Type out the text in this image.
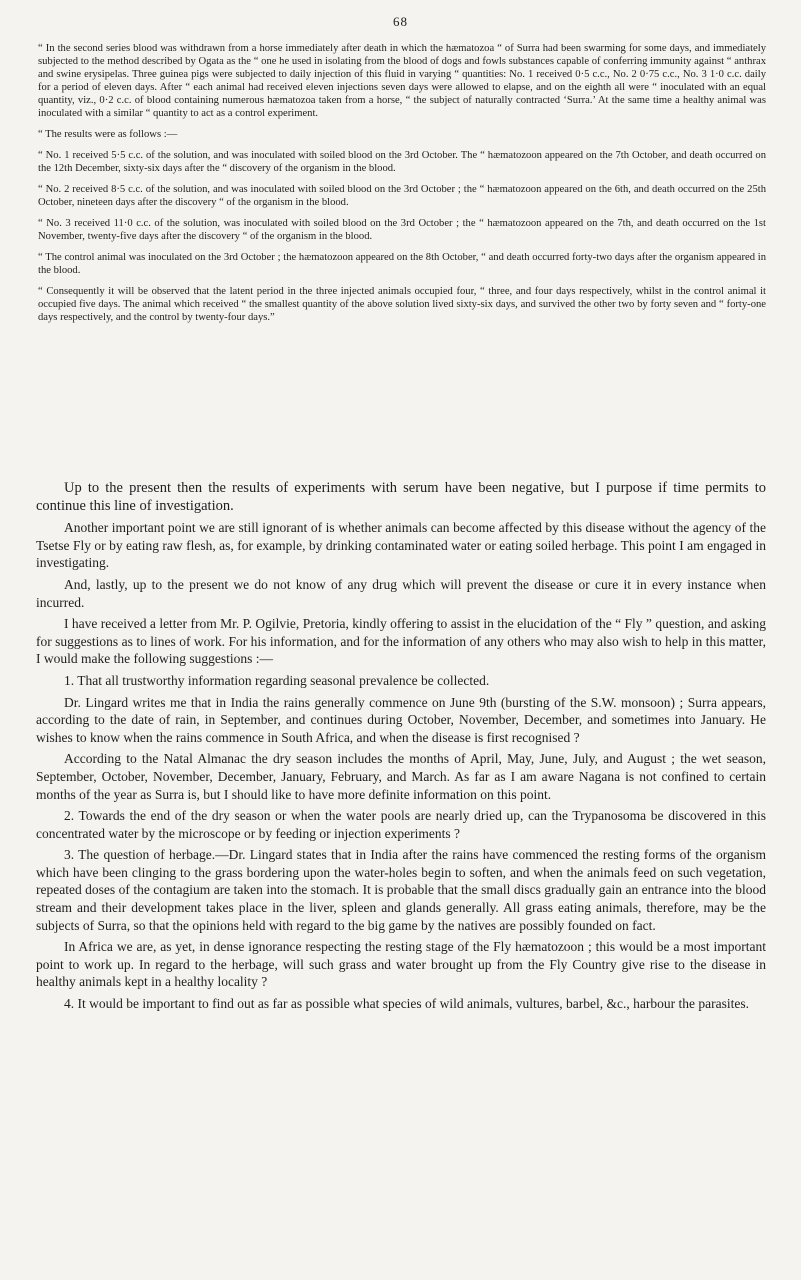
68

“ In the second series blood was withdrawn from a horse immediately after death in which the hæmatozoa “ of Surra had been swarming for some days, and immediately subjected to the method described by Ogata as the “ one he used in isolating from the blood of dogs and fowls substances capable of conferring immunity against “ anthrax and swine erysipelas. Three guinea pigs were subjected to daily injection of this fluid in varying “ quantities: No. 1 received 0·5 c.c., No. 2 0·75 c.c., No. 3 1·0 c.c. daily for a period of eleven days. After “ each animal had received eleven injections seven days were allowed to elapse, and on the eighth all were “ inoculated with an equal quantity, viz., 0·2 c.c. of blood containing numerous hæmatozoa taken from a horse, “ the subject of naturally contracted ‘Surra.’ At the same time a healthy animal was inoculated with a similar “ quantity to act as a control experiment.

“ The results were as follows :—

“ No. 1 received 5·5 c.c. of the solution, and was inoculated with soiled blood on the 3rd October. The “ hæmatozoon appeared on the 7th October, and death occurred on the 12th December, sixty-six days after the “ discovery of the organism in the blood.

“ No. 2 received 8·5 c.c. of the solution, and was inoculated with soiled blood on the 3rd October ; the “ hæmatozoon appeared on the 6th, and death occurred on the 25th October, nineteen days after the discovery “ of the organism in the blood.

“ No. 3 received 11·0 c.c. of the solution, was inoculated with soiled blood on the 3rd October ; the “ hæmatozoon appeared on the 7th, and death occurred on the 1st November, twenty-five days after the discovery “ of the organism in the blood.

“ The control animal was inoculated on the 3rd October ; the hæmatozoon appeared on the 8th October, “ and death occurred forty-two days after the organism appeared in the blood.

“ Consequently it will be observed that the latent period in the three injected animals occupied four, “ three, and four days respectively, whilst in the control animal it occupied five days. The animal which received “ the smallest quantity of the above solution lived sixty-six days, and survived the other two by forty seven and “ forty-one days respectively, and the control by twenty-four days.”

Up to the present then the results of experiments with serum have been negative, but I purpose if time permits to continue this line of investigation.

Another important point we are still ignorant of is whether animals can become affected by this disease without the agency of the Tsetse Fly or by eating raw flesh, as, for example, by drinking contaminated water or eating soiled herbage. This point I am engaged in investigating.

And, lastly, up to the present we do not know of any drug which will prevent the disease or cure it in every instance when incurred.

I have received a letter from Mr. P. Ogilvie, Pretoria, kindly offering to assist in the elucidation of the “ Fly ” question, and asking for suggestions as to lines of work. For his information, and for the information of any others who may also wish to help in this matter, I would make the following suggestions :—

1. That all trustworthy information regarding seasonal prevalence be collected.

Dr. Lingard writes me that in India the rains generally commence on June 9th (bursting of the S.W. monsoon) ; Surra appears, according to the date of rain, in September, and continues during October, November, December, and sometimes into January. He wishes to know when the rains commence in South Africa, and when the disease is first recognised ?

According to the Natal Almanac the dry season includes the months of April, May, June, July, and August ; the wet season, September, October, November, December, January, February, and March. As far as I am aware Nagana is not confined to certain months of the year as Surra is, but I should like to have more definite information on this point.

2. Towards the end of the dry season or when the water pools are nearly dried up, can the Trypanosoma be discovered in this concentrated water by the microscope or by feeding or injection experiments ?

3. The question of herbage.—Dr. Lingard states that in India after the rains have commenced the resting forms of the organism which have been clinging to the grass bordering upon the water-holes begin to soften, and when the animals feed on such vegetation, repeated doses of the contagium are taken into the stomach. It is probable that the small discs gradually gain an entrance into the blood stream and their development takes place in the liver, spleen and glands generally. All grass eating animals, therefore, may be the subjects of Surra, so that the opinions held with regard to the big game by the natives are possibly founded on fact.

In Africa we are, as yet, in dense ignorance respecting the resting stage of the Fly hæmatozoon ; this would be a most important point to work up. In regard to the herbage, will such grass and water brought up from the Fly Country give rise to the disease in healthy animals kept in a healthy locality ?

4. It would be important to find out as far as possible what species of wild animals, vultures, barbel, &c., harbour the parasites.
